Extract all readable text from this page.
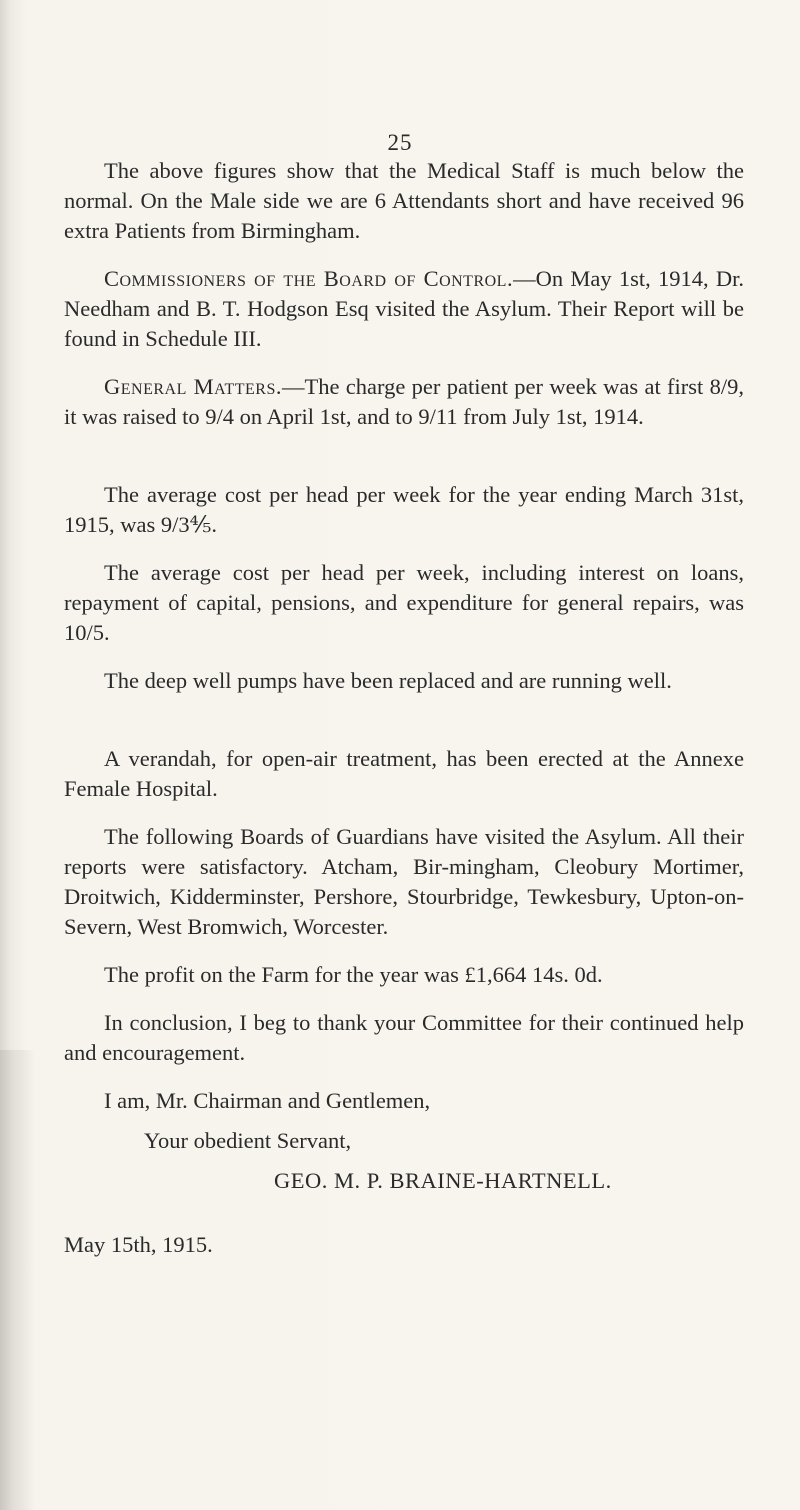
25

The above figures show that the Medical Staff is much below the normal. On the Male side we are 6 Attendants short and have received 96 extra Patients from Birmingham.

Commissioners of the Board of Control.—On May 1st, 1914, Dr. Needham and B. T. Hodgson Esq visited the Asylum. Their Report will be found in Schedule III.

General Matters.—The charge per patient per week was at first 8/9, it was raised to 9/4 on April 1st, and to 9/11 from July 1st, 1914.

The average cost per head per week for the year ending March 31st, 1915, was 9/3⅘.

The average cost per head per week, including interest on loans, repayment of capital, pensions, and expenditure for general repairs, was 10/5.

The deep well pumps have been replaced and are running well.

A verandah, for open-air treatment, has been erected at the Annexe Female Hospital.

The following Boards of Guardians have visited the Asylum. All their reports were satisfactory. Atcham, Bir-mingham, Cleobury Mortimer, Droitwich, Kidderminster, Pershore, Stourbridge, Tewkesbury, Upton-on-Severn, West Bromwich, Worcester.

The profit on the Farm for the year was £1,664 14s. 0d.

In conclusion, I beg to thank your Committee for their continued help and encouragement.

I am, Mr. Chairman and Gentlemen,

Your obedient Servant,

GEO. M. P. BRAINE-HARTNELL.

May 15th, 1915.
